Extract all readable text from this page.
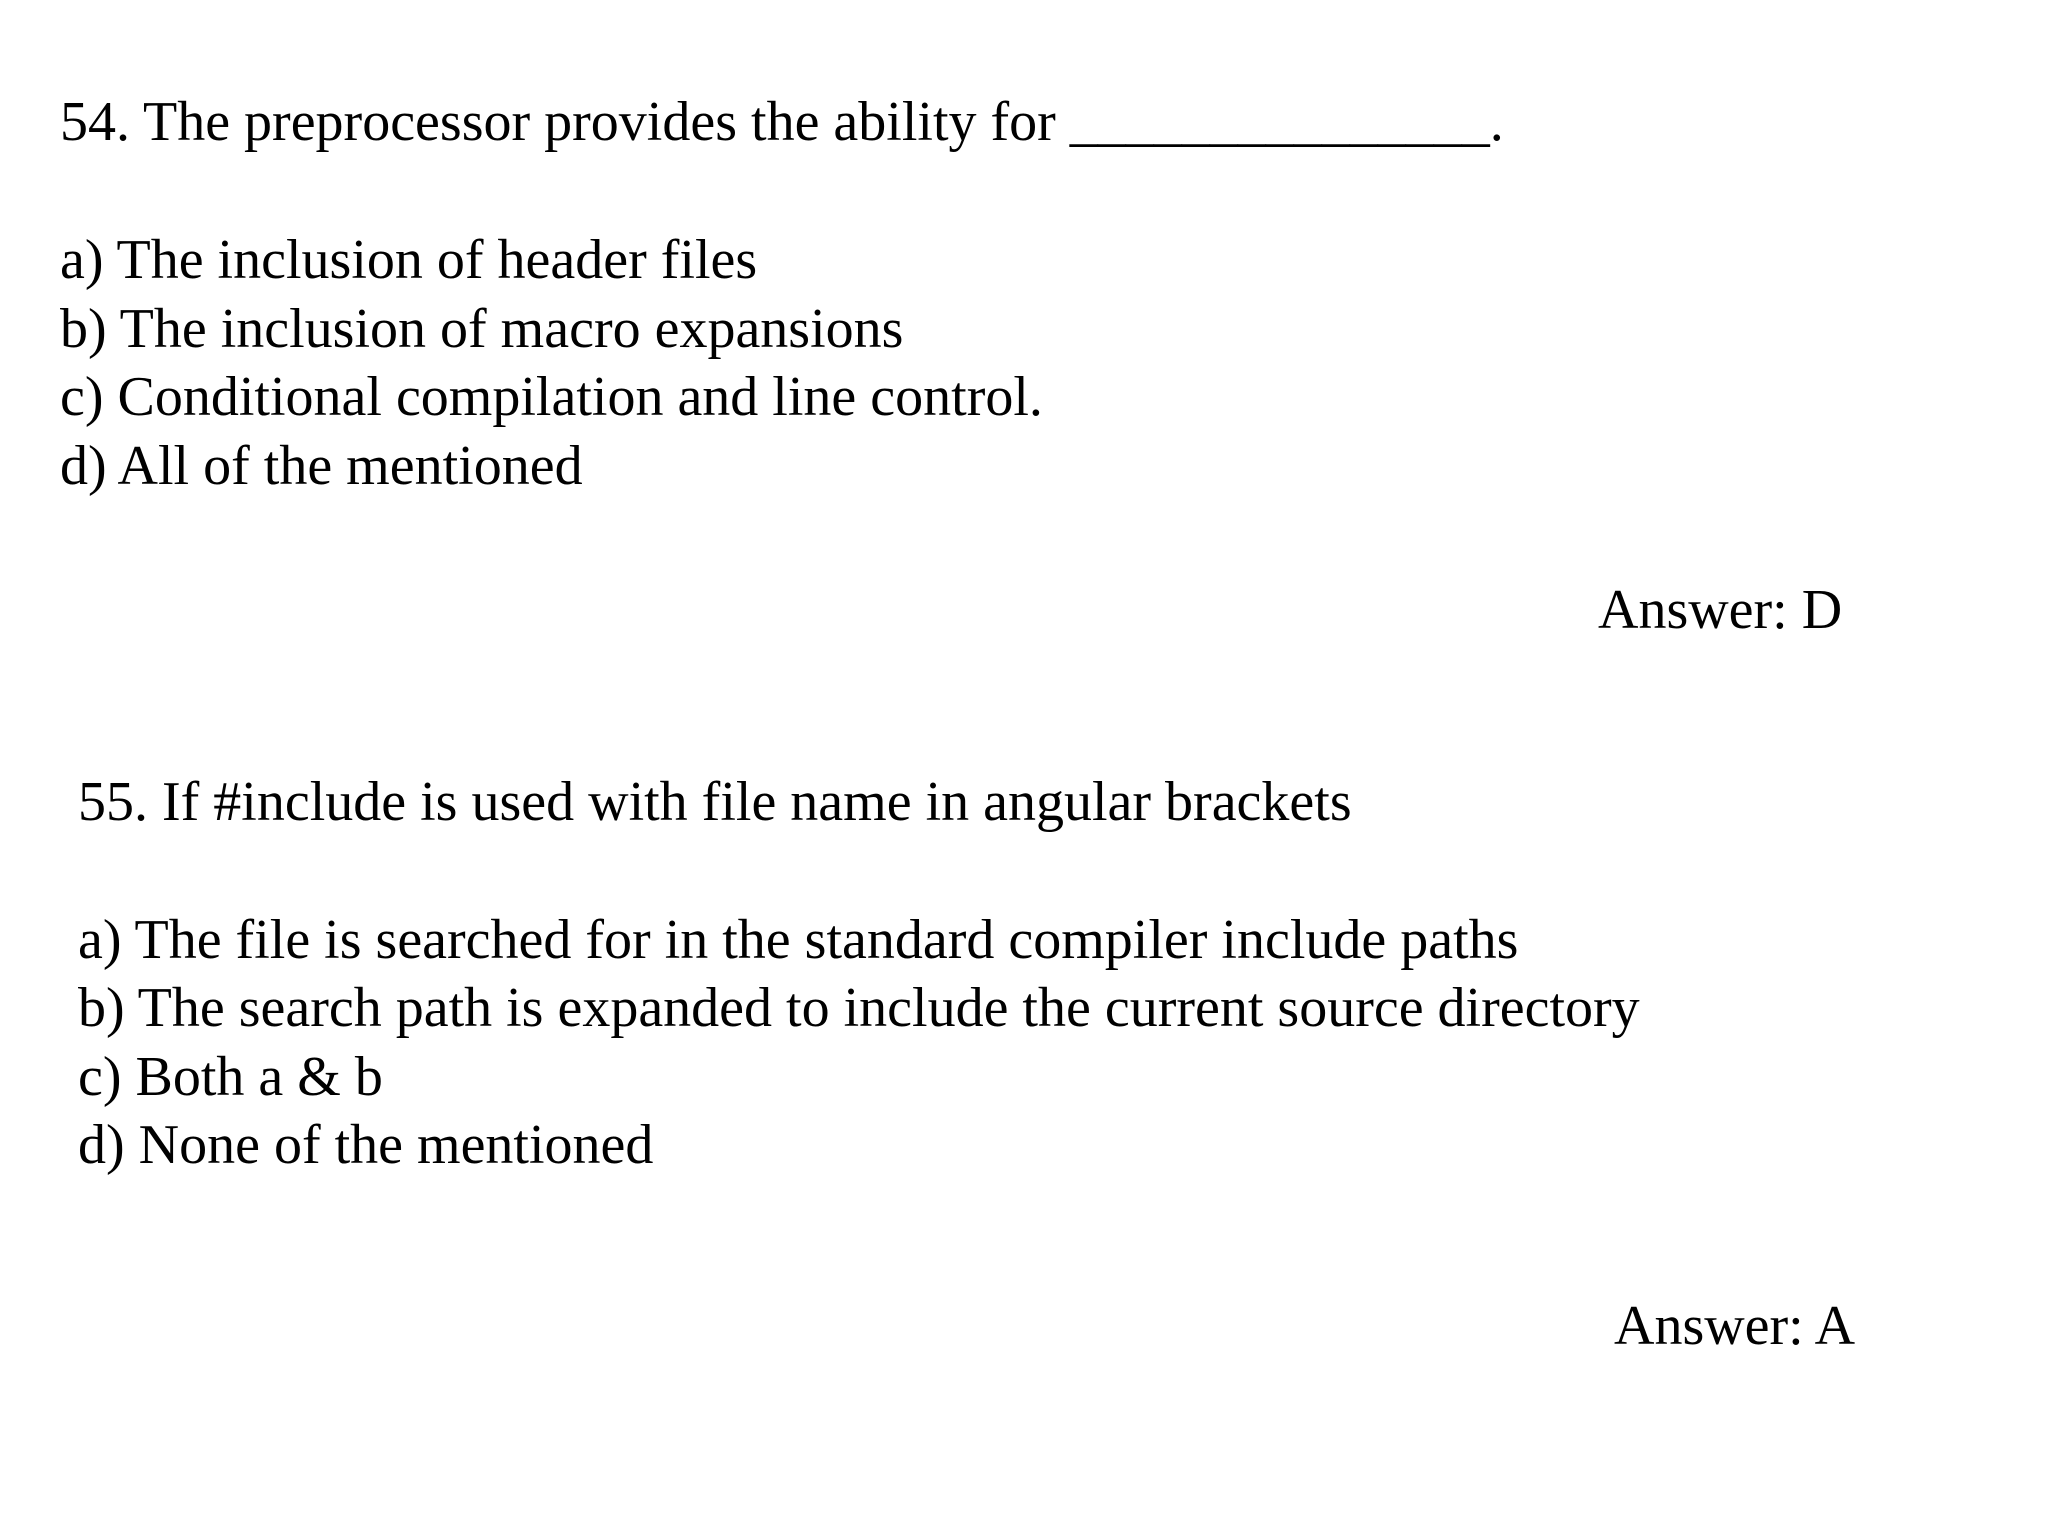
54. The preprocessor provides the ability for _______________.
a) The inclusion of header files
b) The inclusion of macro expansions
c) Conditional compilation and line control.
d) All of the mentioned
Answer: D
55. If #include is used with file name in angular brackets
a) The file is searched for in the standard compiler include paths
b) The search path is expanded to include the current source directory
c) Both a & b
d) None of the mentioned
Answer: A
